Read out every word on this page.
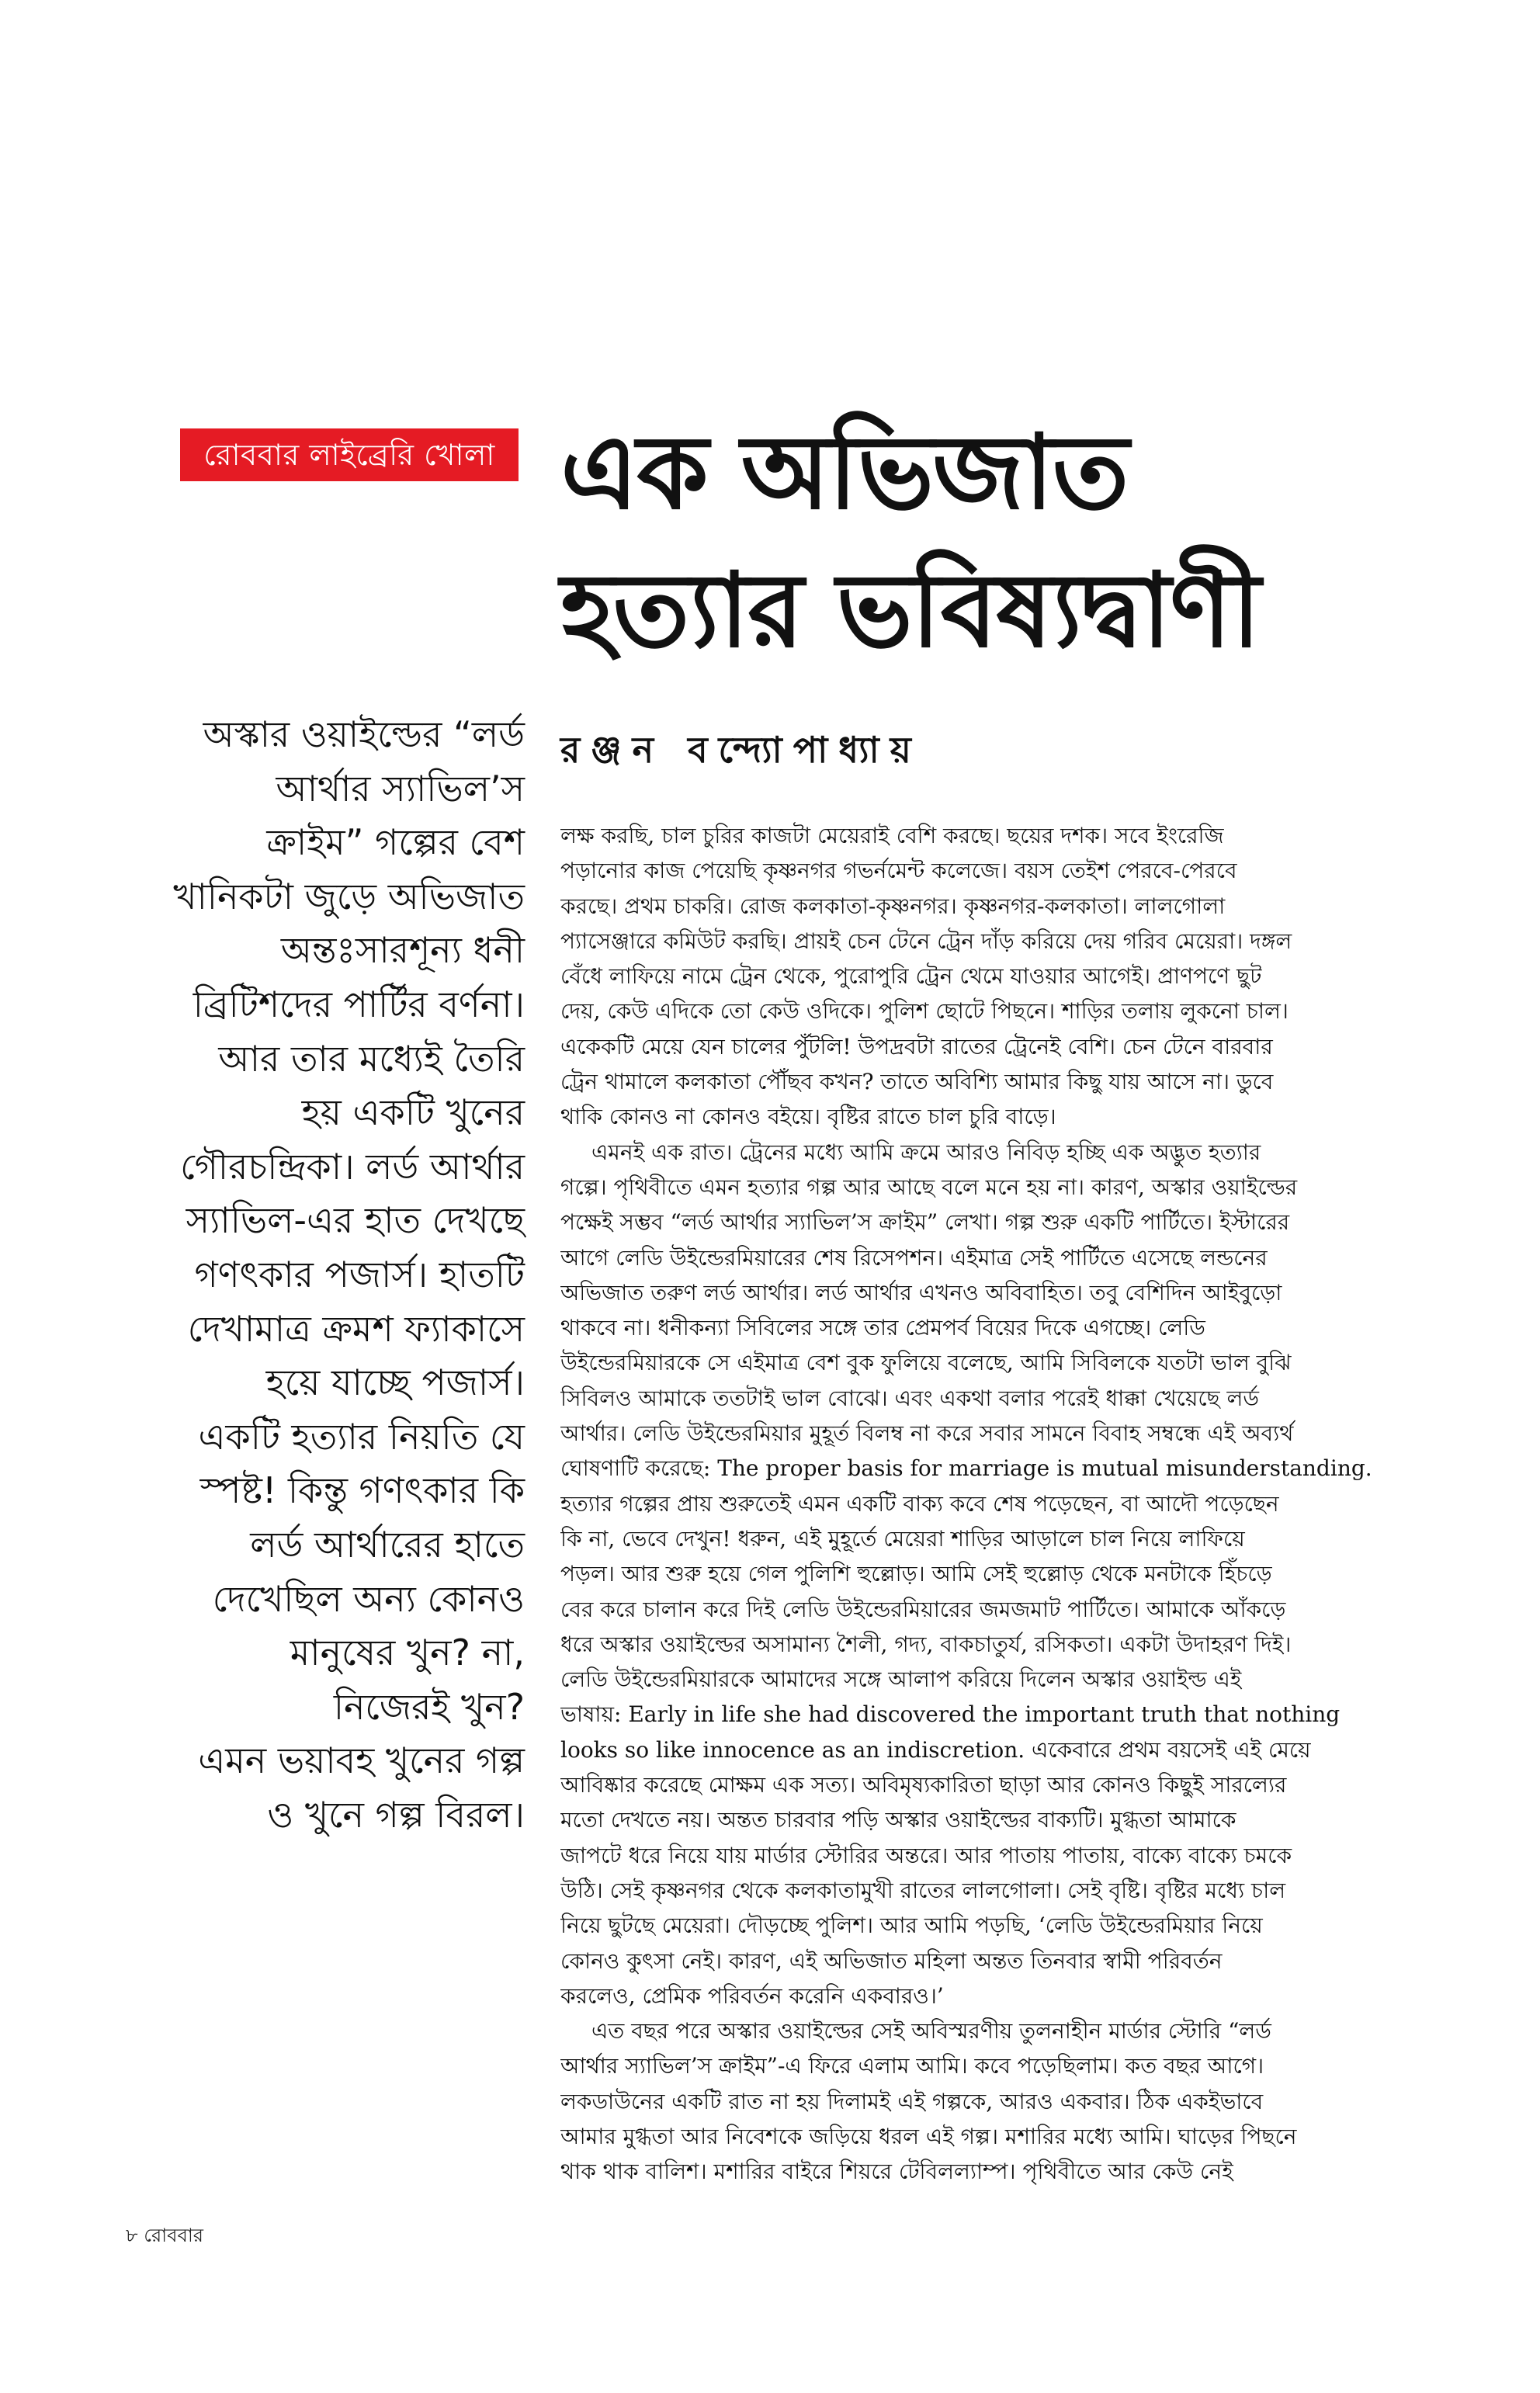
রোববার লাইব্রেরি খোলা এক অভিজাত
হত্যার ভবিষ্যদ্বাণী
রঞ্জন বন্দ্যোপাধ্যায়
অস্কার ওয়াইল্ডের “লর্ড
আর্থার স্যাভিল’স
ক্রাইম” গল্পের বেশ
খানিকটা জুড়ে অভিজাত
অন্তঃসারশূন্য ধনী
ব্রিটিশদের পার্টির বর্ণনা।
আর তার মধ্যেই তৈরি
হয় একটি খুনের
গৌরচন্দ্রিকা। লর্ড আর্থার
স্যাভিল-এর হাত দেখছে
গণৎকার পজার্স। হাতটি
দেখামাত্র ক্রমশ ফ্যাকাসে
হয়ে যাচ্ছে পজার্স।
একটি হত্যার নিয়তি যে
স্পষ্ট! কিন্তু গণৎকার কি
লর্ড আর্থারের হাতে
দেখেছিল অন্য কোনও
মানুষের খুন? না,
নিজেরই খুন?
এমন ভয়াবহ খুনের গল্প
ও খুনে গল্প বিরল।
লক্ষ করছি, চাল চুরির কাজটা মেয়েরাই বেশি করছে। ছয়ের দশক। সবে ইংরেজি
পড়ানোর কাজ পেয়েছি কৃষ্ণনগর গভর্নমেন্ট কলেজে। বয়স তেইশ পেরবে-পেরবে
করছে। প্রথম চাকরি। রোজ কলকাতা-কৃষ্ণনগর। কৃষ্ণনগর-কলকাতা। লালগোলা
প্যাসেঞ্জারে কমিউট করছি। প্রায়ই চেন টেনে ট্রেন দাঁড় করিয়ে দেয় গরিব মেয়েরা। দঙ্গল
বেঁধে লাফিয়ে নামে ট্রেন থেকে, পুরোপুরি ট্রেন থেমে যাওয়ার আগেই। প্রাণপণে ছুট
দেয়, কেউ এদিকে তো কেউ ওদিকে। পুলিশ ছোটে পিছনে। শাড়ির তলায় লুকনো চাল।
একেকটি মেয়ে যেন চালের পুঁটলি! উপদ্রবটা রাতের ট্রেনেই বেশি। চেন টেনে বারবার
ট্রেন থামালে কলকাতা পৌঁছব কখন? তাতে অবিশ্যি আমার কিছু যায় আসে না। ডুবে
থাকি কোনও না কোনও বইয়ে। বৃষ্টির রাতে চাল চুরি বাড়ে।
এমনই এক রাত। ট্রেনের মধ্যে আমি ক্রমে আরও নিবিড় হচ্ছি এক অদ্ভুত হত্যার
গল্পে। পৃথিবীতে এমন হত্যার গল্প আর আছে বলে মনে হয় না। কারণ, অস্কার ওয়াইল্ডের
পক্ষেই সম্ভব “লর্ড আর্থার স্যাভিল’স ক্রাইম” লেখা। গল্প শুরু একটি পার্টিতে। ইস্টারের
আগে লেডি উইন্ডেরমিয়ারের শেষ রিসেপশন। এইমাত্র সেই পার্টিতে এসেছে লন্ডনের
অভিজাত তরুণ লর্ড আর্থার। লর্ড আর্থার এখনও অবিবাহিত। তবু বেশিদিন আইবুড়ো
থাকবে না। ধনীকন্যা সিবিলের সঙ্গে তার প্রেমপর্ব বিয়ের দিকে এগচ্ছে। লেডি
উইন্ডেরমিয়ারকে সে এইমাত্র বেশ বুক ফুলিয়ে বলেছে, আমি সিবিলকে যতটা ভাল বুঝি
সিবিলও আমাকে ততটাই ভাল বোঝে। এবং একথা বলার পরেই ধাক্কা খেয়েছে লর্ড
আর্থার। লেডি উইন্ডেরমিয়ার মুহূর্ত বিলম্ব না করে সবার সামনে বিবাহ সম্বন্ধে এই অব্যর্থ
ঘোষণাটি করেছে: The proper basis for marriage is mutual misunderstanding.
হত্যার গল্পের প্রায় শুরুতেই এমন একটি বাক্য কবে শেষ পড়েছেন, বা আদৌ পড়েছেন
কি না, ভেবে দেখুন! ধরুন, এই মুহূর্তে মেয়েরা শাড়ির আড়ালে চাল নিয়ে লাফিয়ে
পড়ল। আর শুরু হয়ে গেল পুলিশি হুল্লোড়। আমি সেই হুল্লোড় থেকে মনটাকে হিঁচড়ে
বের করে চালান করে দিই লেডি উইন্ডেরমিয়ারের জমজমাট পার্টিতে। আমাকে আঁকড়ে
ধরে অস্কার ওয়াইল্ডের অসামান্য শৈলী, গদ্য, বাকচাতুর্য, রসিকতা। একটা উদাহরণ দিই।
লেডি উইন্ডেরমিয়ারকে আমাদের সঙ্গে আলাপ করিয়ে দিলেন অস্কার ওয়াইল্ড এই
ভাষায়: Early in life she had discovered the important truth that nothing
looks so like innocence as an indiscretion. একেবারে প্রথম বয়সেই এই মেয়ে
আবিষ্কার করেছে মোক্ষম এক সত্য। অবিমৃষ্যকারিতা ছাড়া আর কোনও কিছুই সারল্যের
মতো দেখতে নয়। অন্তত চারবার পড়ি অস্কার ওয়াইল্ডের বাক্যটি। মুগ্ধতা আমাকে
জাপটে ধরে নিয়ে যায় মার্ডার স্টোরির অন্তরে। আর পাতায় পাতায়, বাক্যে বাক্যে চমকে
উঠি। সেই কৃষ্ণনগর থেকে কলকাতামুখী রাতের লালগোলা। সেই বৃষ্টি। বৃষ্টির মধ্যে চাল
নিয়ে ছুটছে মেয়েরা। দৌড়চ্ছে পুলিশ। আর আমি পড়ছি, ‘লেডি উইন্ডেরমিয়ার নিয়ে
কোনও কুৎসা নেই। কারণ, এই অভিজাত মহিলা অন্তত তিনবার স্বামী পরিবর্তন
করলেও, প্রেমিক পরিবর্তন করেনি একবারও।’
এত বছর পরে অস্কার ওয়াইল্ডের সেই অবিস্মরণীয় তুলনাহীন মার্ডার স্টোরি “লর্ড
আর্থার স্যাভিল’স ক্রাইম”-এ ফিরে এলাম আমি। কবে পড়েছিলাম। কত বছর আগে।
লকডাউনের একটি রাত না হয় দিলামই এই গল্পকে, আরও একবার। ঠিক একইভাবে
আমার মুগ্ধতা আর নিবেশকে জড়িয়ে ধরল এই গল্প। মশারির মধ্যে আমি। ঘাড়ের পিছনে
থাক থাক বালিশ। মশারির বাইরে শিয়রে টেবিলল্যাম্প। পৃথিবীতে আর কেউ নেই
৮ রোববার
